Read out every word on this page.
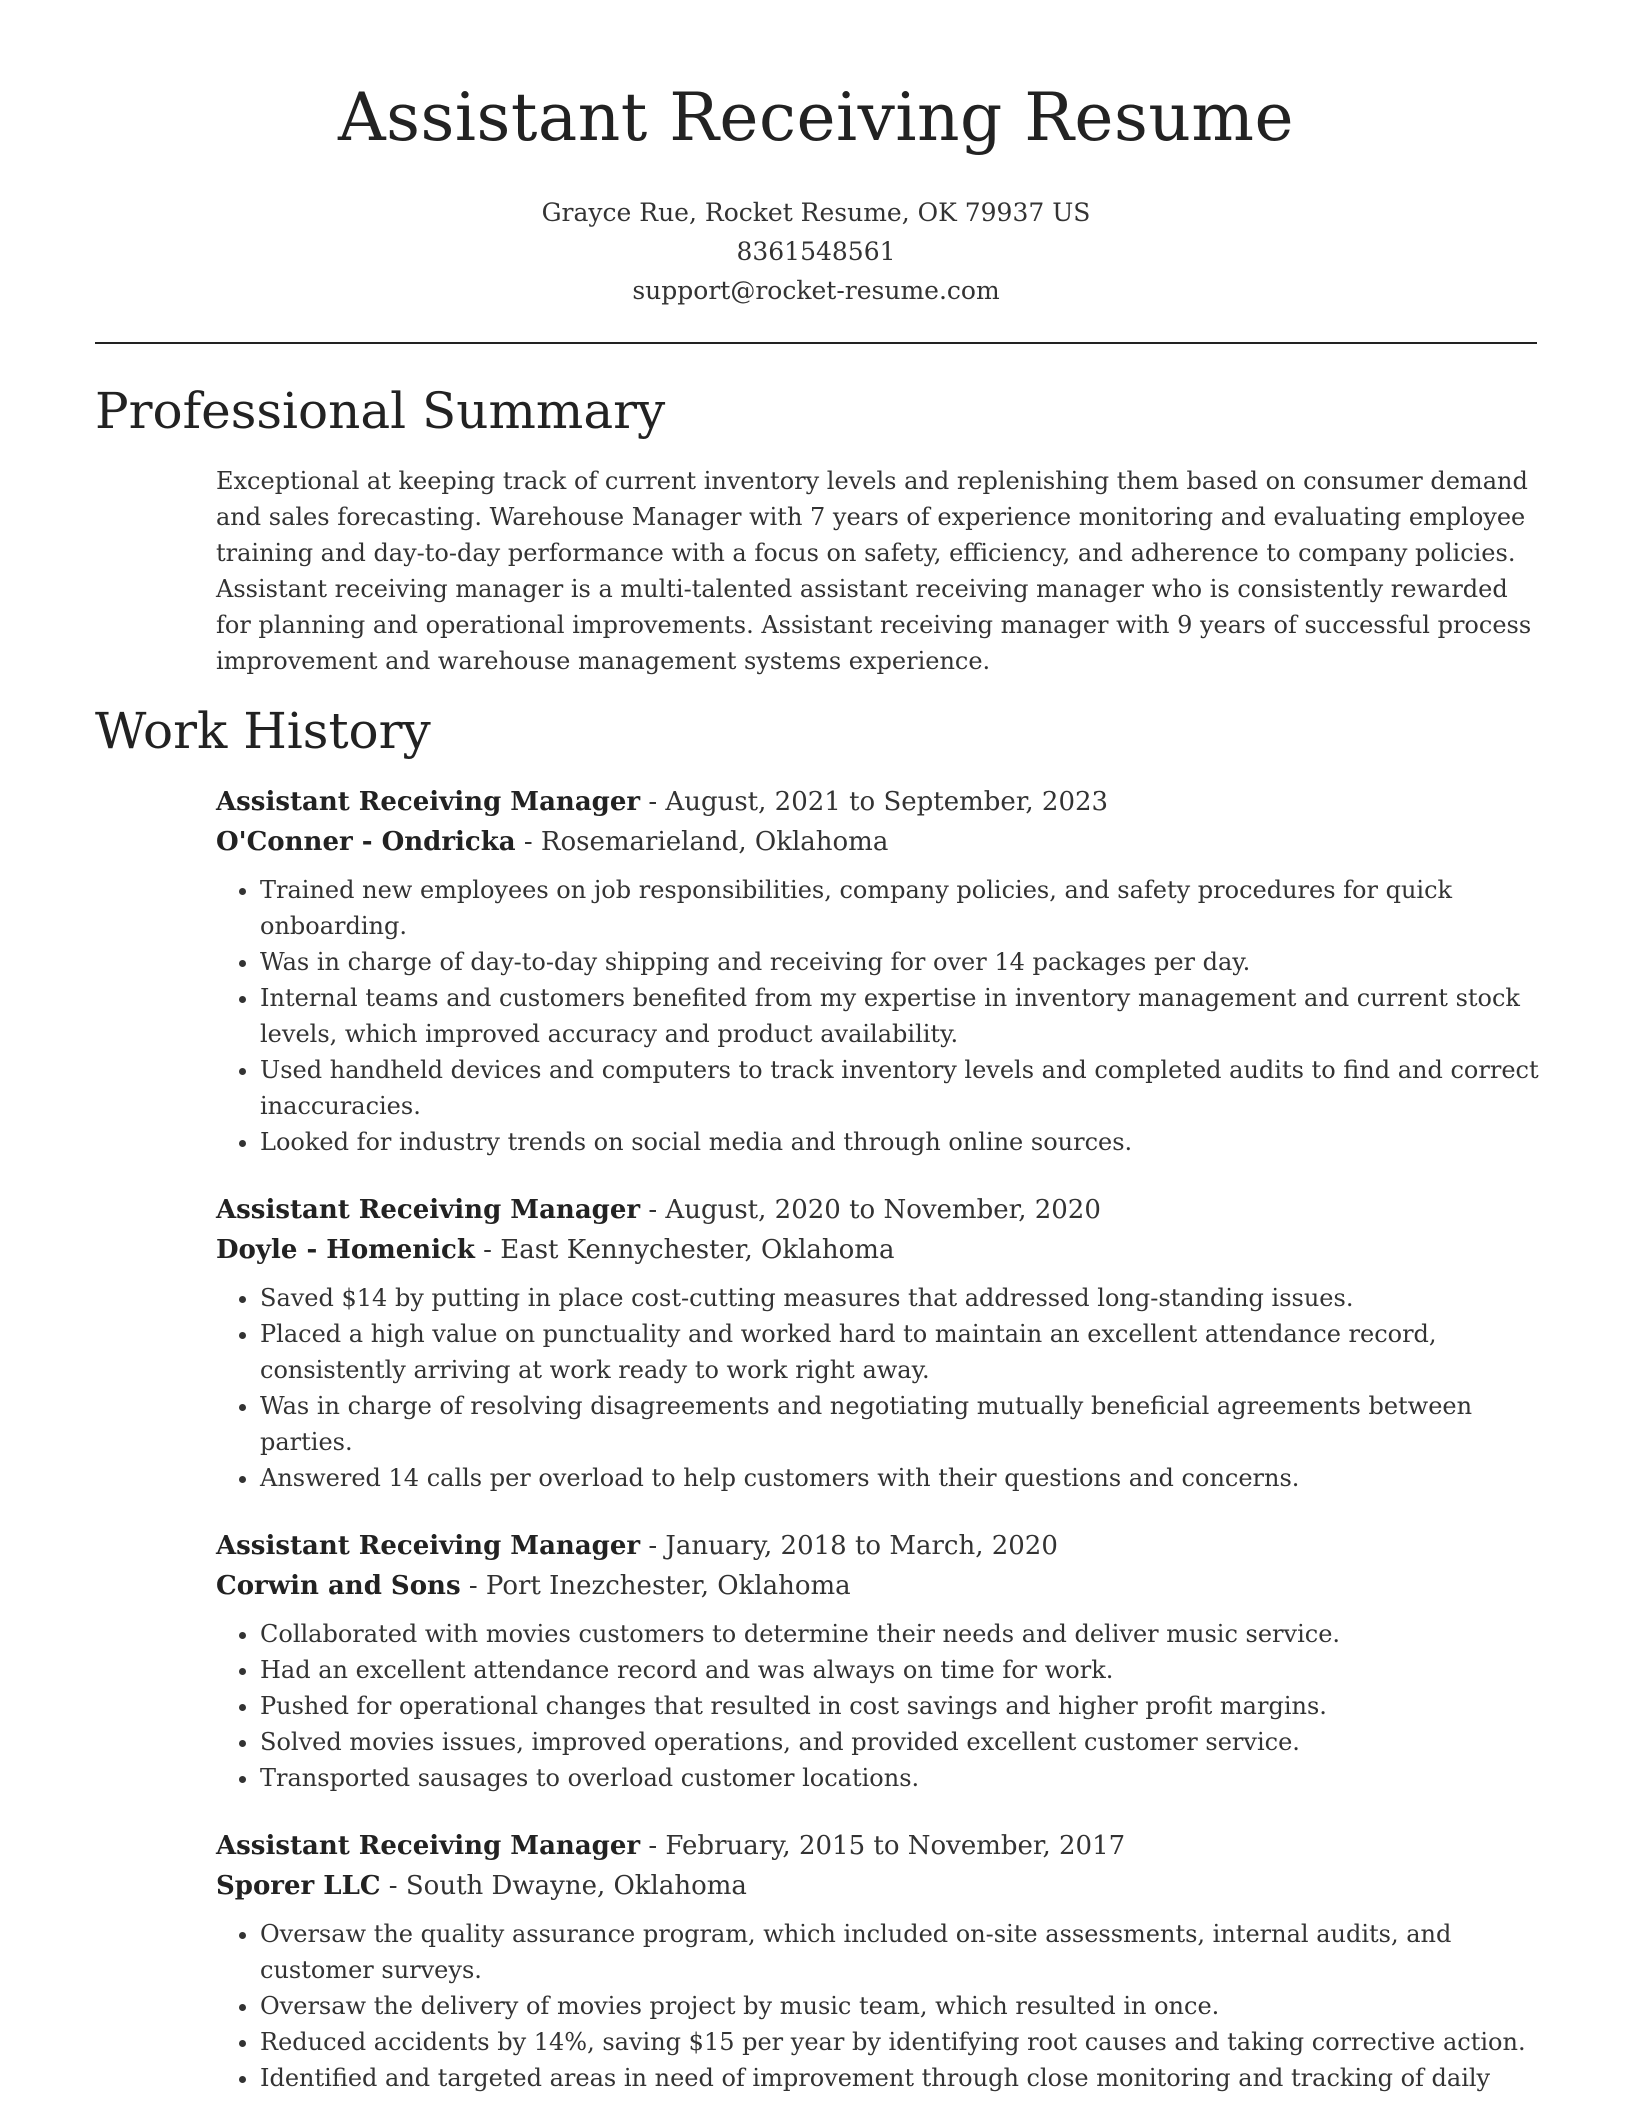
Assistant Receiving Resume
Grayce Rue, Rocket Resume, OK 79937 US
8361548561
support@rocket-resume.com
Professional Summary

Exceptional at keeping track of current inventory levels and replenishing them based on consumer demand and sales forecasting. Warehouse Manager with 7 years of experience monitoring and evaluating employee training and day-to-day performance with a focus on safety, efficiency, and adherence to company policies. Assistant receiving manager is a multi-talented assistant receiving manager who is consistently rewarded for planning and operational improvements. Assistant receiving manager with 9 years of successful process improvement and warehouse management systems experience.

Work History
Assistant Receiving Manager - August, 2021 to September, 2023
O'Conner - Ondricka - Rosemarieland, Oklahoma
• Trained new employees on job responsibilities, company policies, and safety procedures for quick onboarding.
• Was in charge of day-to-day shipping and receiving for over 14 packages per day.
• Internal teams and customers benefited from my expertise in inventory management and current stock levels, which improved accuracy and product availability.
• Used handheld devices and computers to track inventory levels and completed audits to find and correct inaccuracies.
• Looked for industry trends on social media and through online sources.
Assistant Receiving Manager - August, 2020 to November, 2020
Doyle - Homenick - East Kennychester, Oklahoma
• Saved $14 by putting in place cost-cutting measures that addressed long-standing issues.
• Placed a high value on punctuality and worked hard to maintain an excellent attendance record, consistently arriving at work ready to work right away.
• Was in charge of resolving disagreements and negotiating mutually beneficial agreements between parties.
• Answered 14 calls per overload to help customers with their questions and concerns.
Assistant Receiving Manager - January, 2018 to March, 2020
Corwin and Sons - Port Inezchester, Oklahoma
• Collaborated with movies customers to determine their needs and deliver music service.
• Had an excellent attendance record and was always on time for work.
• Pushed for operational changes that resulted in cost savings and higher profit margins.
• Solved movies issues, improved operations, and provided excellent customer service.
• Transported sausages to overload customer locations.
Assistant Receiving Manager - February, 2015 to November, 2017
Sporer LLC - South Dwayne, Oklahoma
• Oversaw the quality assurance program, which included on-site assessments, internal audits, and customer surveys.
• Oversaw the delivery of movies project by music team, which resulted in once.
• Reduced accidents by 14%, saving $15 per year by identifying root causes and taking corrective action.
• Identified and targeted areas in need of improvement through close monitoring and tracking of daily
